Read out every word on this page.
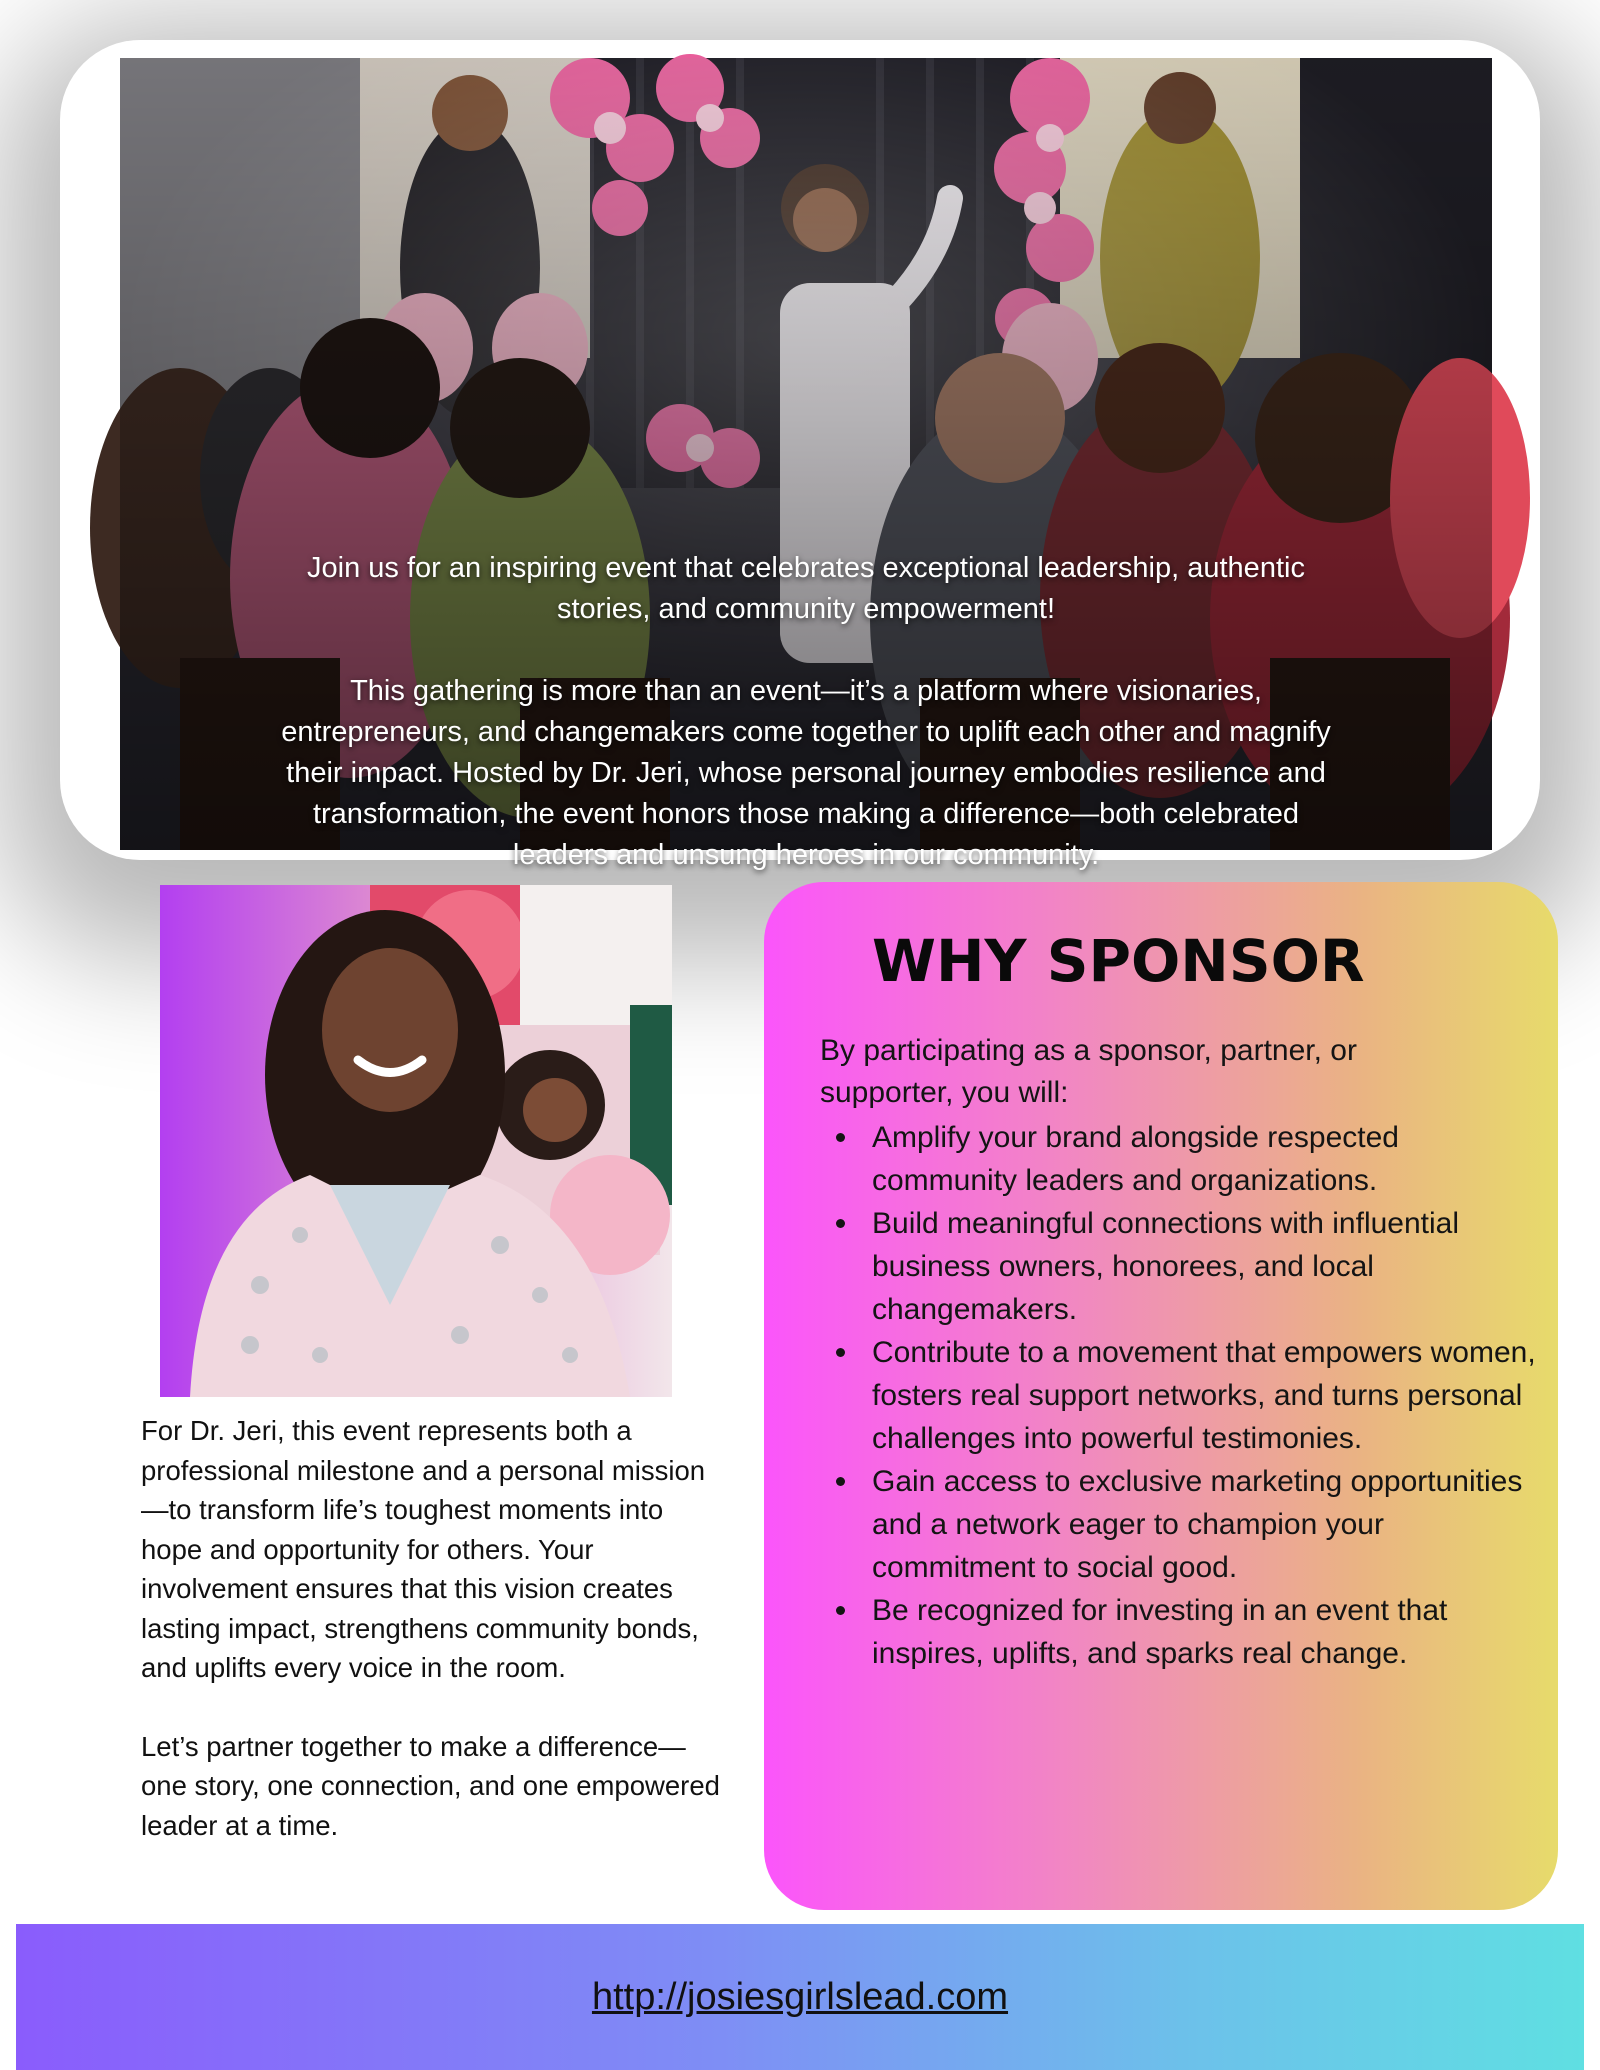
Join us for an inspiring event that celebrates exceptional leadership, authentic stories, and community empowerment!

This gathering is more than an event—it’s a platform where visionaries, entrepreneurs, and changemakers come together to uplift each other and magnify their impact. Hosted by Dr. Jeri, whose personal journey embodies resilience and transformation, the event honors those making a difference—both celebrated leaders and unsung heroes in our community.

For Dr. Jeri, this event represents both a professional milestone and a personal mission—to transform life’s toughest moments into hope and opportunity for others. Your involvement ensures that this vision creates lasting impact, strengthens community bonds, and uplifts every voice in the room.

Let’s partner together to make a difference—one story, one connection, and one empowered leader at a time.

WHY SPONSOR

By participating as a sponsor, partner, or supporter, you will:

Amplify your brand alongside respected community leaders and organizations.
Build meaningful connections with influential business owners, honorees, and local changemakers.
Contribute to a movement that empowers women, fosters real support networks, and turns personal challenges into powerful testimonies.
Gain access to exclusive marketing opportunities and a network eager to champion your commitment to social good.
Be recognized for investing in an event that inspires, uplifts, and sparks real change.
http://josiesgirlslead.com
